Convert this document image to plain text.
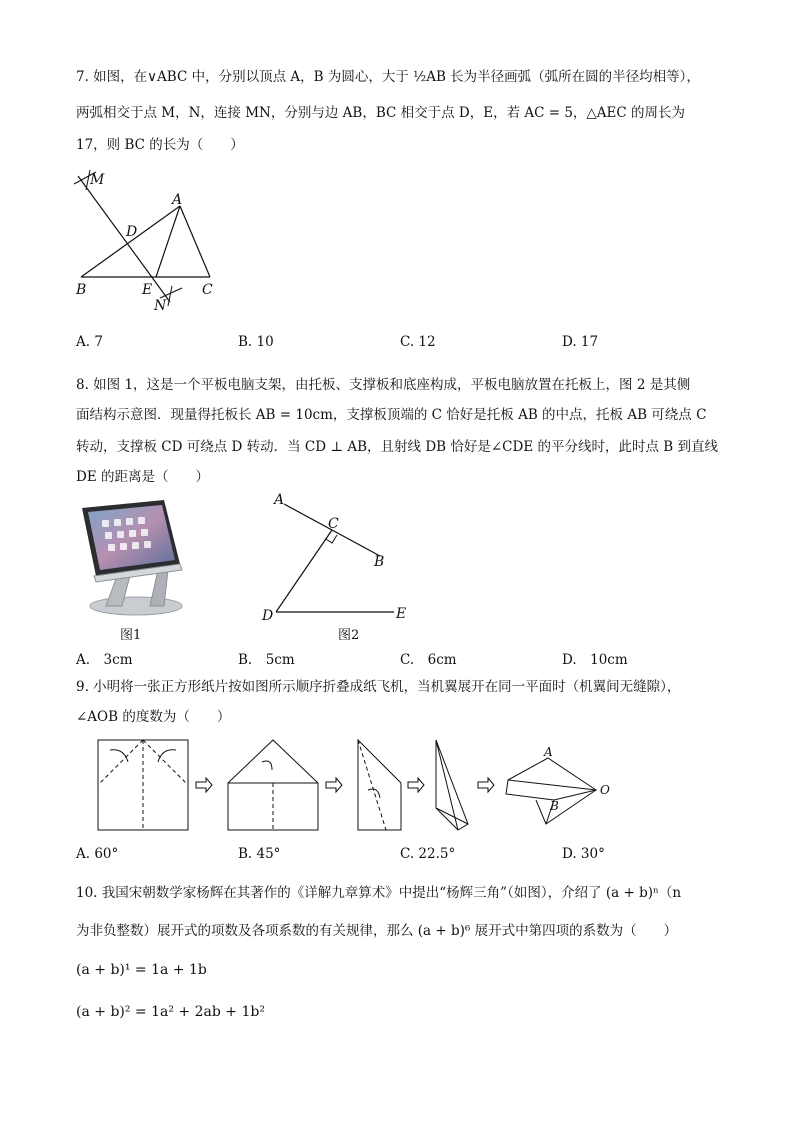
7. 如图，在∨ABC 中，分别以顶点 A，B 为圆心，大于 ½AB 长为半径画弧（弧所在圆的半径均相等），
两弧相交于点 M，N，连接 MN，分别与边 AB，BC 相交于点 D，E，若 AC = 5，△AEC 的周长为
17，则 BC 的长为（　　）
M
A
D
B	E	C
N
A. 7	B. 10	C. 12	D. 17
8. 如图 1，这是一个平板电脑支架，由托板、支撑板和底座构成，平板电脑放置在托板上，图 2 是其侧
面结构示意图．现量得托板长 AB = 10cm，支撑板顶端的 C 恰好是托板 AB 的中点，托板 AB 可绕点 C
转动，支撑板 CD 可绕点 D 转动．当 CD ⊥ AB，且射线 DB 恰好是∠CDE 的平分线时，此时点 B 到直线
DE 的距离是（　　）
图1
A
C
B
D	E
图2
A.　3cm	B.　5cm	C.　6cm	D.　10cm
9. 小明将一张正方形纸片按如图所示顺序折叠成纸飞机，当机翼展开在同一平面时（机翼间无缝隙），
∠AOB 的度数为（　　）
A
B
O
A. 60°	B. 45°	C. 22.5°	D. 30°
10. 我国宋朝数学家杨辉在其著作的《详解九章算术》中提出“杨辉三角”（如图），介绍了 (a + b)ⁿ（n
为非负整数）展开式的项数及各项系数的有关规律，那么 (a + b)⁶ 展开式中第四项的系数为（　　）
(a + b)¹ = 1a + 1b
(a + b)² = 1a² + 2ab + 1b²
